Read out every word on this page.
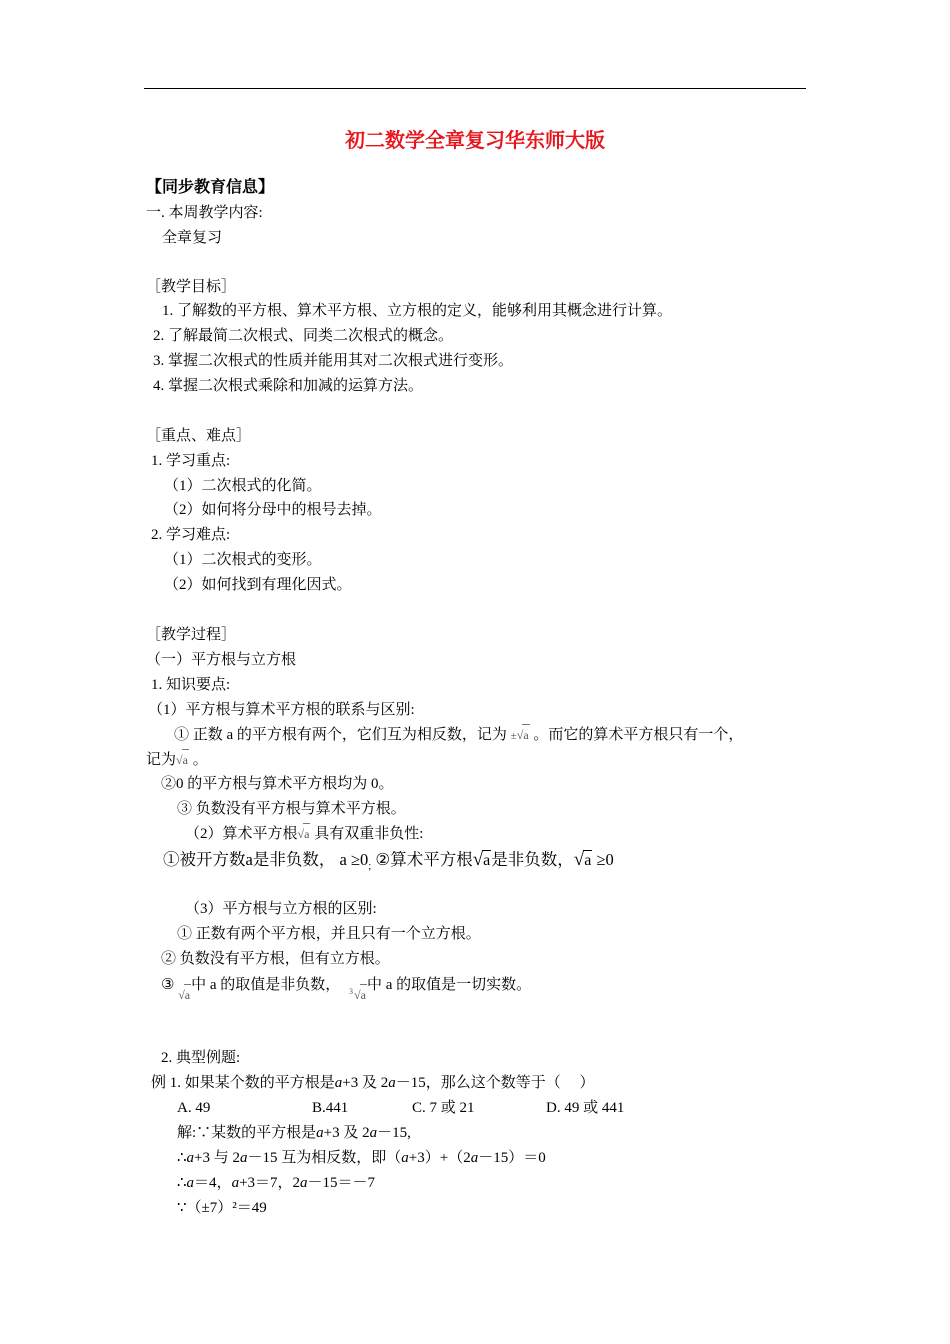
初二数学全章复习华东师大版
【同步教育信息】
一. 本周教学内容:
全章复习
［教学目标］
1. 了解数的平方根、算术平方根、立方根的定义，能够利用其概念进行计算。
2. 了解最简二次根式、同类二次根式的概念。
3. 掌握二次根式的性质并能用其对二次根式进行变形。
4. 掌握二次根式乘除和加减的运算方法。
［重点、难点］
1. 学习重点:
（1）二次根式的化简。
（2）如何将分母中的根号去掉。
2. 学习难点:
（1）二次根式的变形。
（2）如何找到有理化因式。
［教学过程］
（一）平方根与立方根
1. 知识要点:
（1）平方根与算术平方根的联系与区别:
① 正数 a 的平方根有两个，它们互为相反数，记为 ±√a 。而它的算术平方根只有一个，
记为√a 。
②0 的平方根与算术平方根均为 0。
③ 负数没有平方根与算术平方根。
（2）算术平方根√a 具有双重非负性:
①被开方数a是非负数， $a \ge 0_;$ ②算术平方根√a是非负数，√a ≥0
（3）平方根与立方根的区别:
① 正数有两个平方根，并且只有一个立方根。
② 负数没有平方根，但有立方根。
③ √a中 a 的取值是非负数， 3 √a中 a 的取值是一切实数。
2. 典型例题:
例 1. 如果某个数的平方根是a+3 及 2a－15，那么这个数等于（　 ）
A. 49	B.441	C. 7 或 21	D. 49 或 441
解:∵某数的平方根是a+3 及 2a－15,
∴a+3 与 2a－15 互为相反数，即（a+3）+（2a－15）＝0
∴a＝4，a+3＝7，2a－15＝－7
∵（±7）²＝49
